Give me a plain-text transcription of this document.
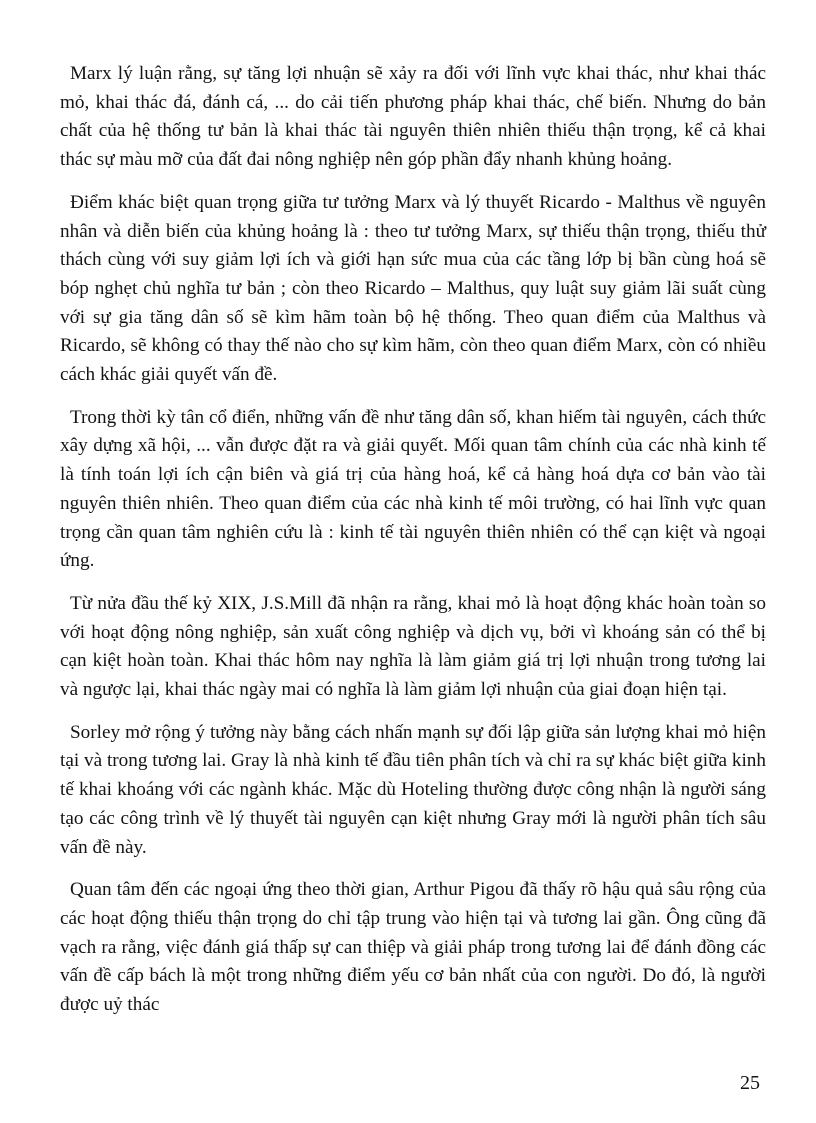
Marx lý luận rằng, sự tăng lợi nhuận sẽ xảy ra đối với lĩnh vực khai thác, như khai thác mỏ, khai thác đá, đánh cá, ... do cải tiến phương pháp khai thác, chế biến. Nhưng do bản chất của hệ thống tư bản là khai thác tài nguyên thiên nhiên thiếu thận trọng, kể cả khai thác sự màu mỡ của đất đai nông nghiệp nên góp phần đẩy nhanh khủng hoảng.

Điểm khác biệt quan trọng giữa tư tưởng Marx và lý thuyết Ricardo - Malthus về nguyên nhân và diễn biến của khủng hoảng là : theo tư tưởng Marx, sự thiếu thận trọng, thiếu thử thách cùng với suy giảm lợi ích và giới hạn sức mua của các tầng lớp bị bần cùng hoá sẽ bóp nghẹt chủ nghĩa tư bản ; còn theo Ricardo – Malthus, quy luật suy giảm lãi suất cùng với sự gia tăng dân số sẽ kìm hãm toàn bộ hệ thống. Theo quan điểm của Malthus và Ricardo, sẽ không có thay thế nào cho sự kìm hãm, còn theo quan điểm Marx, còn có nhiều cách khác giải quyết vấn đề.

Trong thời kỳ tân cổ điển, những vấn đề như tăng dân số, khan hiếm tài nguyên, cách thức xây dựng xã hội, ... vẫn được đặt ra và giải quyết. Mối quan tâm chính của các nhà kinh tế là tính toán lợi ích cận biên và giá trị của hàng hoá, kể cả hàng hoá dựa cơ bản vào tài nguyên thiên nhiên. Theo quan điểm của các nhà kinh tế môi trường, có hai lĩnh vực quan trọng cần quan tâm nghiên cứu là : kinh tế tài nguyên thiên nhiên có thể cạn kiệt và ngoại ứng.

Từ nửa đầu thế kỷ XIX, J.S.Mill đã nhận ra rằng, khai mỏ là hoạt động khác hoàn toàn so với hoạt động nông nghiệp, sản xuất công nghiệp và dịch vụ, bởi vì khoáng sản có thể bị cạn kiệt hoàn toàn. Khai thác hôm nay nghĩa là làm giảm giá trị lợi nhuận trong tương lai và ngược lại, khai thác ngày mai có nghĩa là làm giảm lợi nhuận của giai đoạn hiện tại.

Sorley mở rộng ý tưởng này bằng cách nhấn mạnh sự đối lập giữa sản lượng khai mỏ hiện tại và trong tương lai. Gray là nhà kinh tế đầu tiên phân tích và chỉ ra sự khác biệt giữa kinh tế khai khoáng với các ngành khác. Mặc dù Hoteling thường được công nhận là người sáng tạo các công trình về lý thuyết tài nguyên cạn kiệt nhưng Gray mới là người phân tích sâu vấn đề này.

Quan tâm đến các ngoại ứng theo thời gian, Arthur Pigou đã thấy rõ hậu quả sâu rộng của các hoạt động thiếu thận trọng do chỉ tập trung vào hiện tại và tương lai gần. Ông cũng đã vạch ra rằng, việc đánh giá thấp sự can thiệp và giải pháp trong tương lai để đánh đồng các vấn đề cấp bách là một trong những điểm yếu cơ bản nhất của con người. Do đó, là người được uỷ thác

25
